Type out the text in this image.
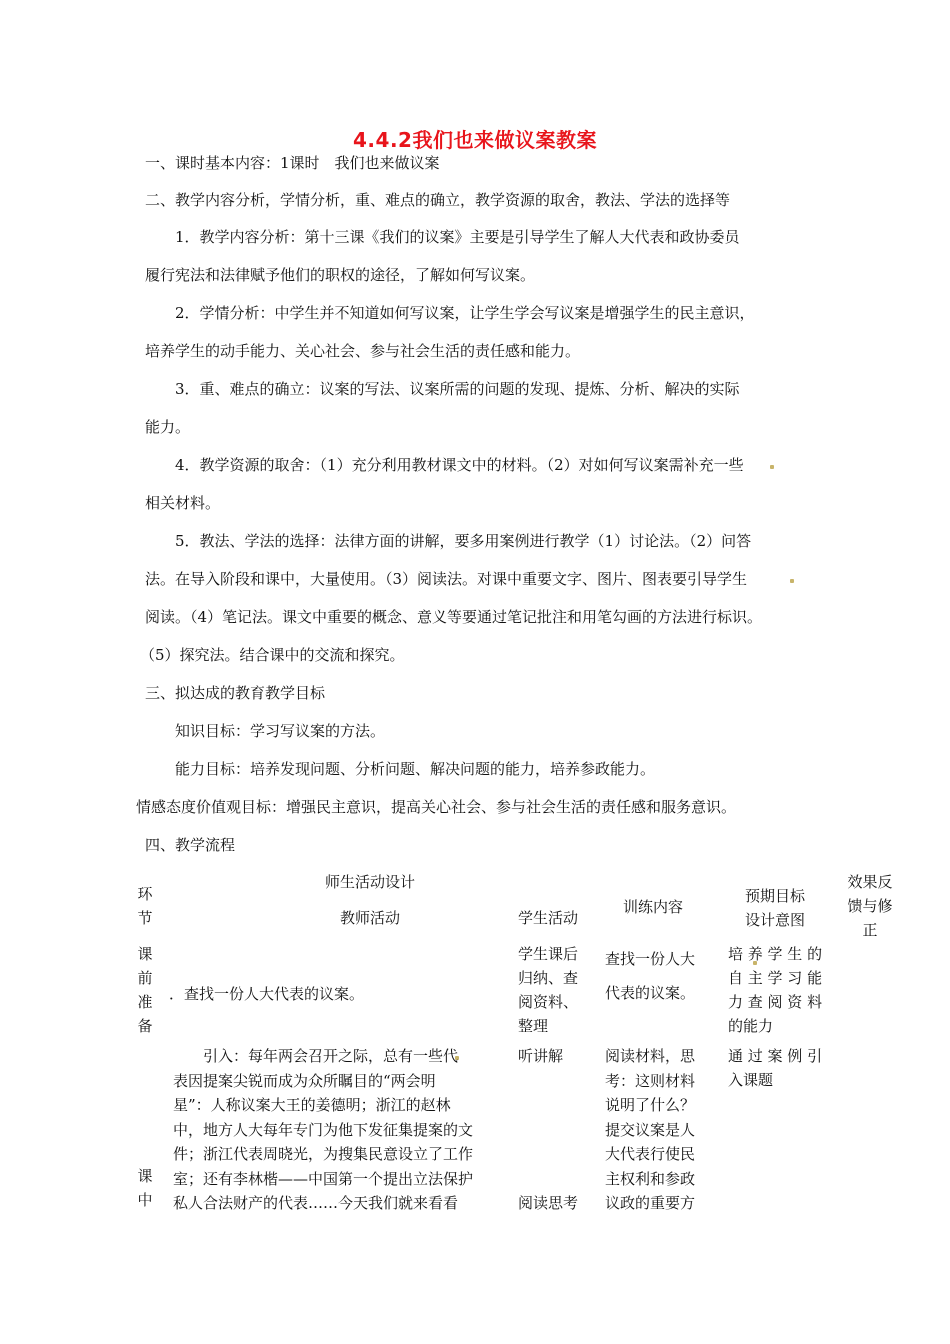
4.4.2我们也来做议案教案
一、课时基本内容：1课时　我们也来做议案
二、教学内容分析，学情分析，重、难点的确立，教学资源的取舍，教法、学法的选择等
1．教学内容分析：第十三课《我们的议案》主要是引导学生了解人大代表和政协委员
履行宪法和法律赋予他们的职权的途径，了解如何写议案。
2．学情分析：中学生并不知道如何写议案，让学生学会写议案是增强学生的民主意识，
培养学生的动手能力、关心社会、参与社会生活的责任感和能力。
3．重、难点的确立：议案的写法、议案所需的问题的发现、提炼、分析、解决的实际
能力。
4．教学资源的取舍：（1）充分利用教材课文中的材料。（2）对如何写议案需补充一些
相关材料。
5．教法、学法的选择：法律方面的讲解，要多用案例进行教学（1）讨论法。（2）问答
法。在导入阶段和课中，大量使用。（3）阅读法。对课中重要文字、图片、图表要引导学生
阅读。（4）笔记法。课文中重要的概念、意义等要通过笔记批注和用笔勾画的方法进行标识。
（5）探究法。结合课中的交流和探究。
三、拟达成的教育教学目标
知识目标：学习写议案的方法。
能力目标：培养发现问题、分析问题、解决问题的能力，培养参政能力。
情感态度价值观目标：增强民主意识，提高关心社会、参与社会生活的责任感和服务意识。
四、教学流程
环
节
师生活动设计
教师活动	学生活动
训练内容
预期目标
设计意图
效果反
馈与修
正
课
前
准
备
．查找一份人大代表的议案。
学生课后
归纳、查
阅资料、
整理
查找一份人大
代表的议案。
培 养 学 生 的
自 主 学 习 能
力 查 阅 资 料
的能力
课
中
　　引入：每年两会召开之际，总有一些代
表因提案尖锐而成为众所瞩目的“两会明
星”：人称议案大王的姜德明；浙江的赵林
中，地方人大每年专门为他下发征集提案的文
件；浙江代表周晓光，为搜集民意设立了工作
室；还有李林楷——中国第一个提出立法保护
私人合法财产的代表……今天我们就来看看
听讲解
阅读思考
阅读材料，思
考：这则材料
说明了什么？
提交议案是人
大代表行使民
主权利和参政
议政的重要方
通 过 案 例 引
入课题
